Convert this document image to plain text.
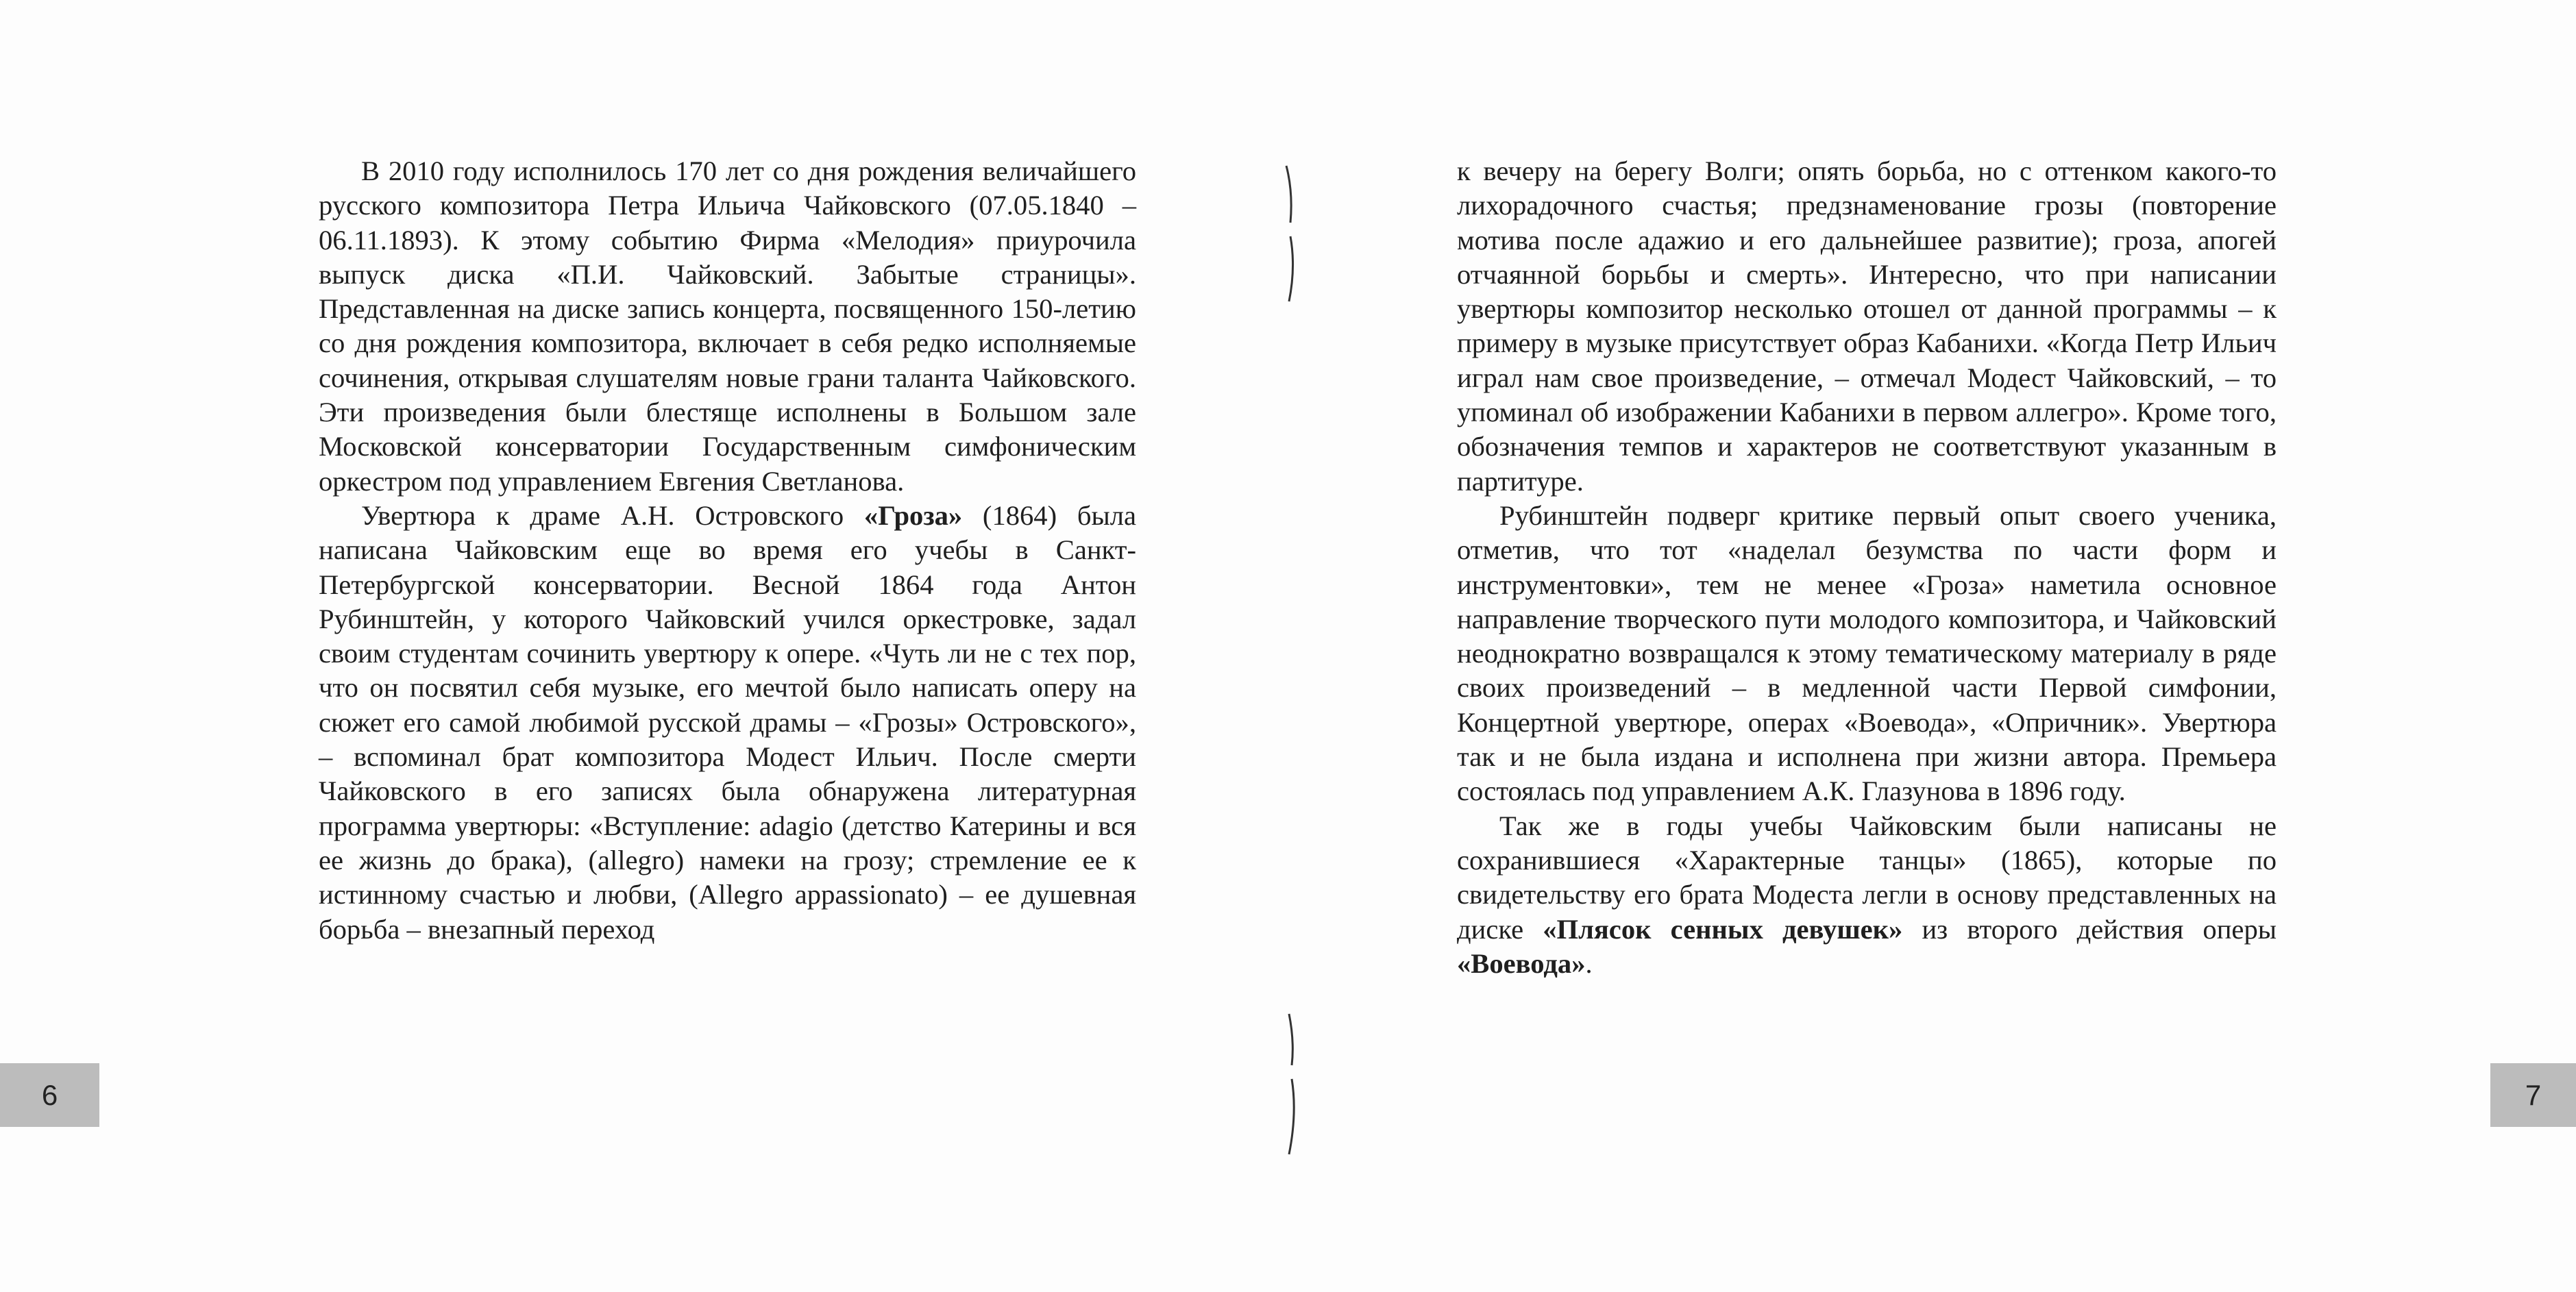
В 2010 году исполнилось 170 лет со дня рождения величайшего русского композитора Петра Ильича Чайковского (07.05.1840 – 06.11.1893). К этому событию Фирма «Мелодия» приурочила выпуск диска «П.И. Чайковский. Забытые страницы». Представленная на диске запись концерта, посвященного 150-летию со дня рождения композитора, включает в себя редко исполняемые сочинения, открывая слушателям новые грани таланта Чайковского. Эти произведения были блестяще исполнены в Большом зале Московской консерватории Государственным симфоническим оркестром под управлением Евгения Светланова.

Увертюра к драме А.Н. Островского «Гроза» (1864) была написана Чайковским еще во время его учебы в Санкт-Петербургской консерватории. Весной 1864 года Антон Рубинштейн, у которого Чайковский учился оркестровке, задал своим студентам сочинить увертюру к опере. «Чуть ли не с тех пор, что он посвятил себя музыке, его мечтой было написать оперу на сюжет его самой любимой русской драмы – «Грозы» Островского», – вспоминал брат композитора Модест Ильич. После смерти Чайковского в его записях была обнаружена литературная программа увертюры: «Вступление: adagio (детство Катерины и вся ее жизнь до брака), (allegro) намеки на грозу; стремление ее к истинному счастью и любви, (Allegro appassionato) – ее душевная борьба – внезапный переход

6

к вечеру на берегу Волги; опять борьба, но с оттенком какого-то лихорадочного счастья; предзнаменование грозы (повторение мотива после адажио и его дальнейшее развитие); гроза, апогей отчаянной борьбы и смерть». Интересно, что при написании увертюры композитор несколько отошел от данной программы – к примеру в музыке присутствует образ Кабанихи. «Когда Петр Ильич играл нам свое произведение, – отмечал Модест Чайковский, – то упоминал об изображении Кабанихи в первом аллегро». Кроме того, обозначения темпов и характеров не соответствуют указанным в партитуре.

Рубинштейн подверг критике первый опыт своего ученика, отметив, что тот «наделал безумства по части форм и инструментовки», тем не менее «Гроза» наметила основное направление творческого пути молодого композитора, и Чайковский неоднократно возвращался к этому тематическому материалу в ряде своих произведений – в медленной части Первой симфонии, Концертной увертюре, операх «Воевода», «Опричник». Увертюра так и не была издана и исполнена при жизни автора. Премьера состоялась под управлением А.К. Глазунова в 1896 году.

Так же в годы учебы Чайковским были написаны не сохранившиеся «Характерные танцы» (1865), которые по свидетельству его брата Модеста легли в основу представленных на диске «Плясок сенных девушек» из второго действия оперы «Воевода».

7
